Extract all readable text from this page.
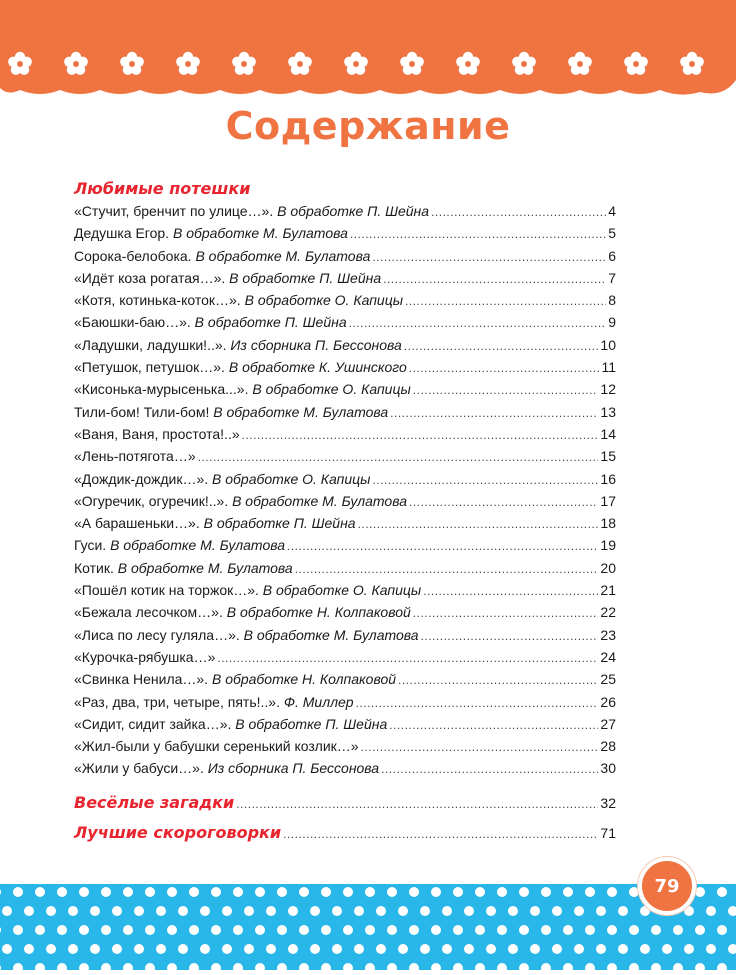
Содержание
Любимые потешки
«Стучит, бренчит по улице…». В обработке П. Шейна .....	4
Дедушка Егор. В обработке М. Булатова .....	5
Сорока-белобока. В обработке М. Булатова .....	6
«Идёт коза рогатая…». В обработке П. Шейна .....	7
«Котя, котинька-коток…». В обработке О. Капицы .....	8
«Баюшки-баю…». В обработке П. Шейна .....	9
«Ладушки, ладушки!..». Из сборника П. Бессонова .....	10
«Петушок, петушок…». В обработке К. Ушинского .....	11
«Кисонька-мурысенька...». В обработке О. Капицы .....	12
Тили-бом! Тили-бом! В обработке М. Булатова .....	13
«Ваня, Ваня, простота!..» .....	14
«Лень-потягота…» .....	15
«Дождик-дождик…». В обработке О. Капицы .....	16
«Огуречик, огуречик!..». В обработке М. Булатова .....	17
«А барашеньки…». В обработке П. Шейна .....	18
Гуси. В обработке М. Булатова .....	19
Котик. В обработке М. Булатова .....	20
«Пошёл котик на торжок…». В обработке О. Капицы .....	21
«Бежала лесочком…». В обработке Н. Колпаковой .....	22
«Лиса по лесу гуляла…». В обработке М. Булатова .....	23
«Курочка-рябушка…» .....	24
«Свинка Ненила…». В обработке Н. Колпаковой .....	25
«Раз, два, три, четыре, пять!..». Ф. Миллер .....	26
«Сидит, сидит зайка…». В обработке П. Шейна .....	27
«Жил-были у бабушки серенький козлик…» .....	28
«Жили у бабуси…». Из сборника П. Бессонова .....	30
Весёлые загадки .....	32
Лучшие скороговорки .....	71
79
